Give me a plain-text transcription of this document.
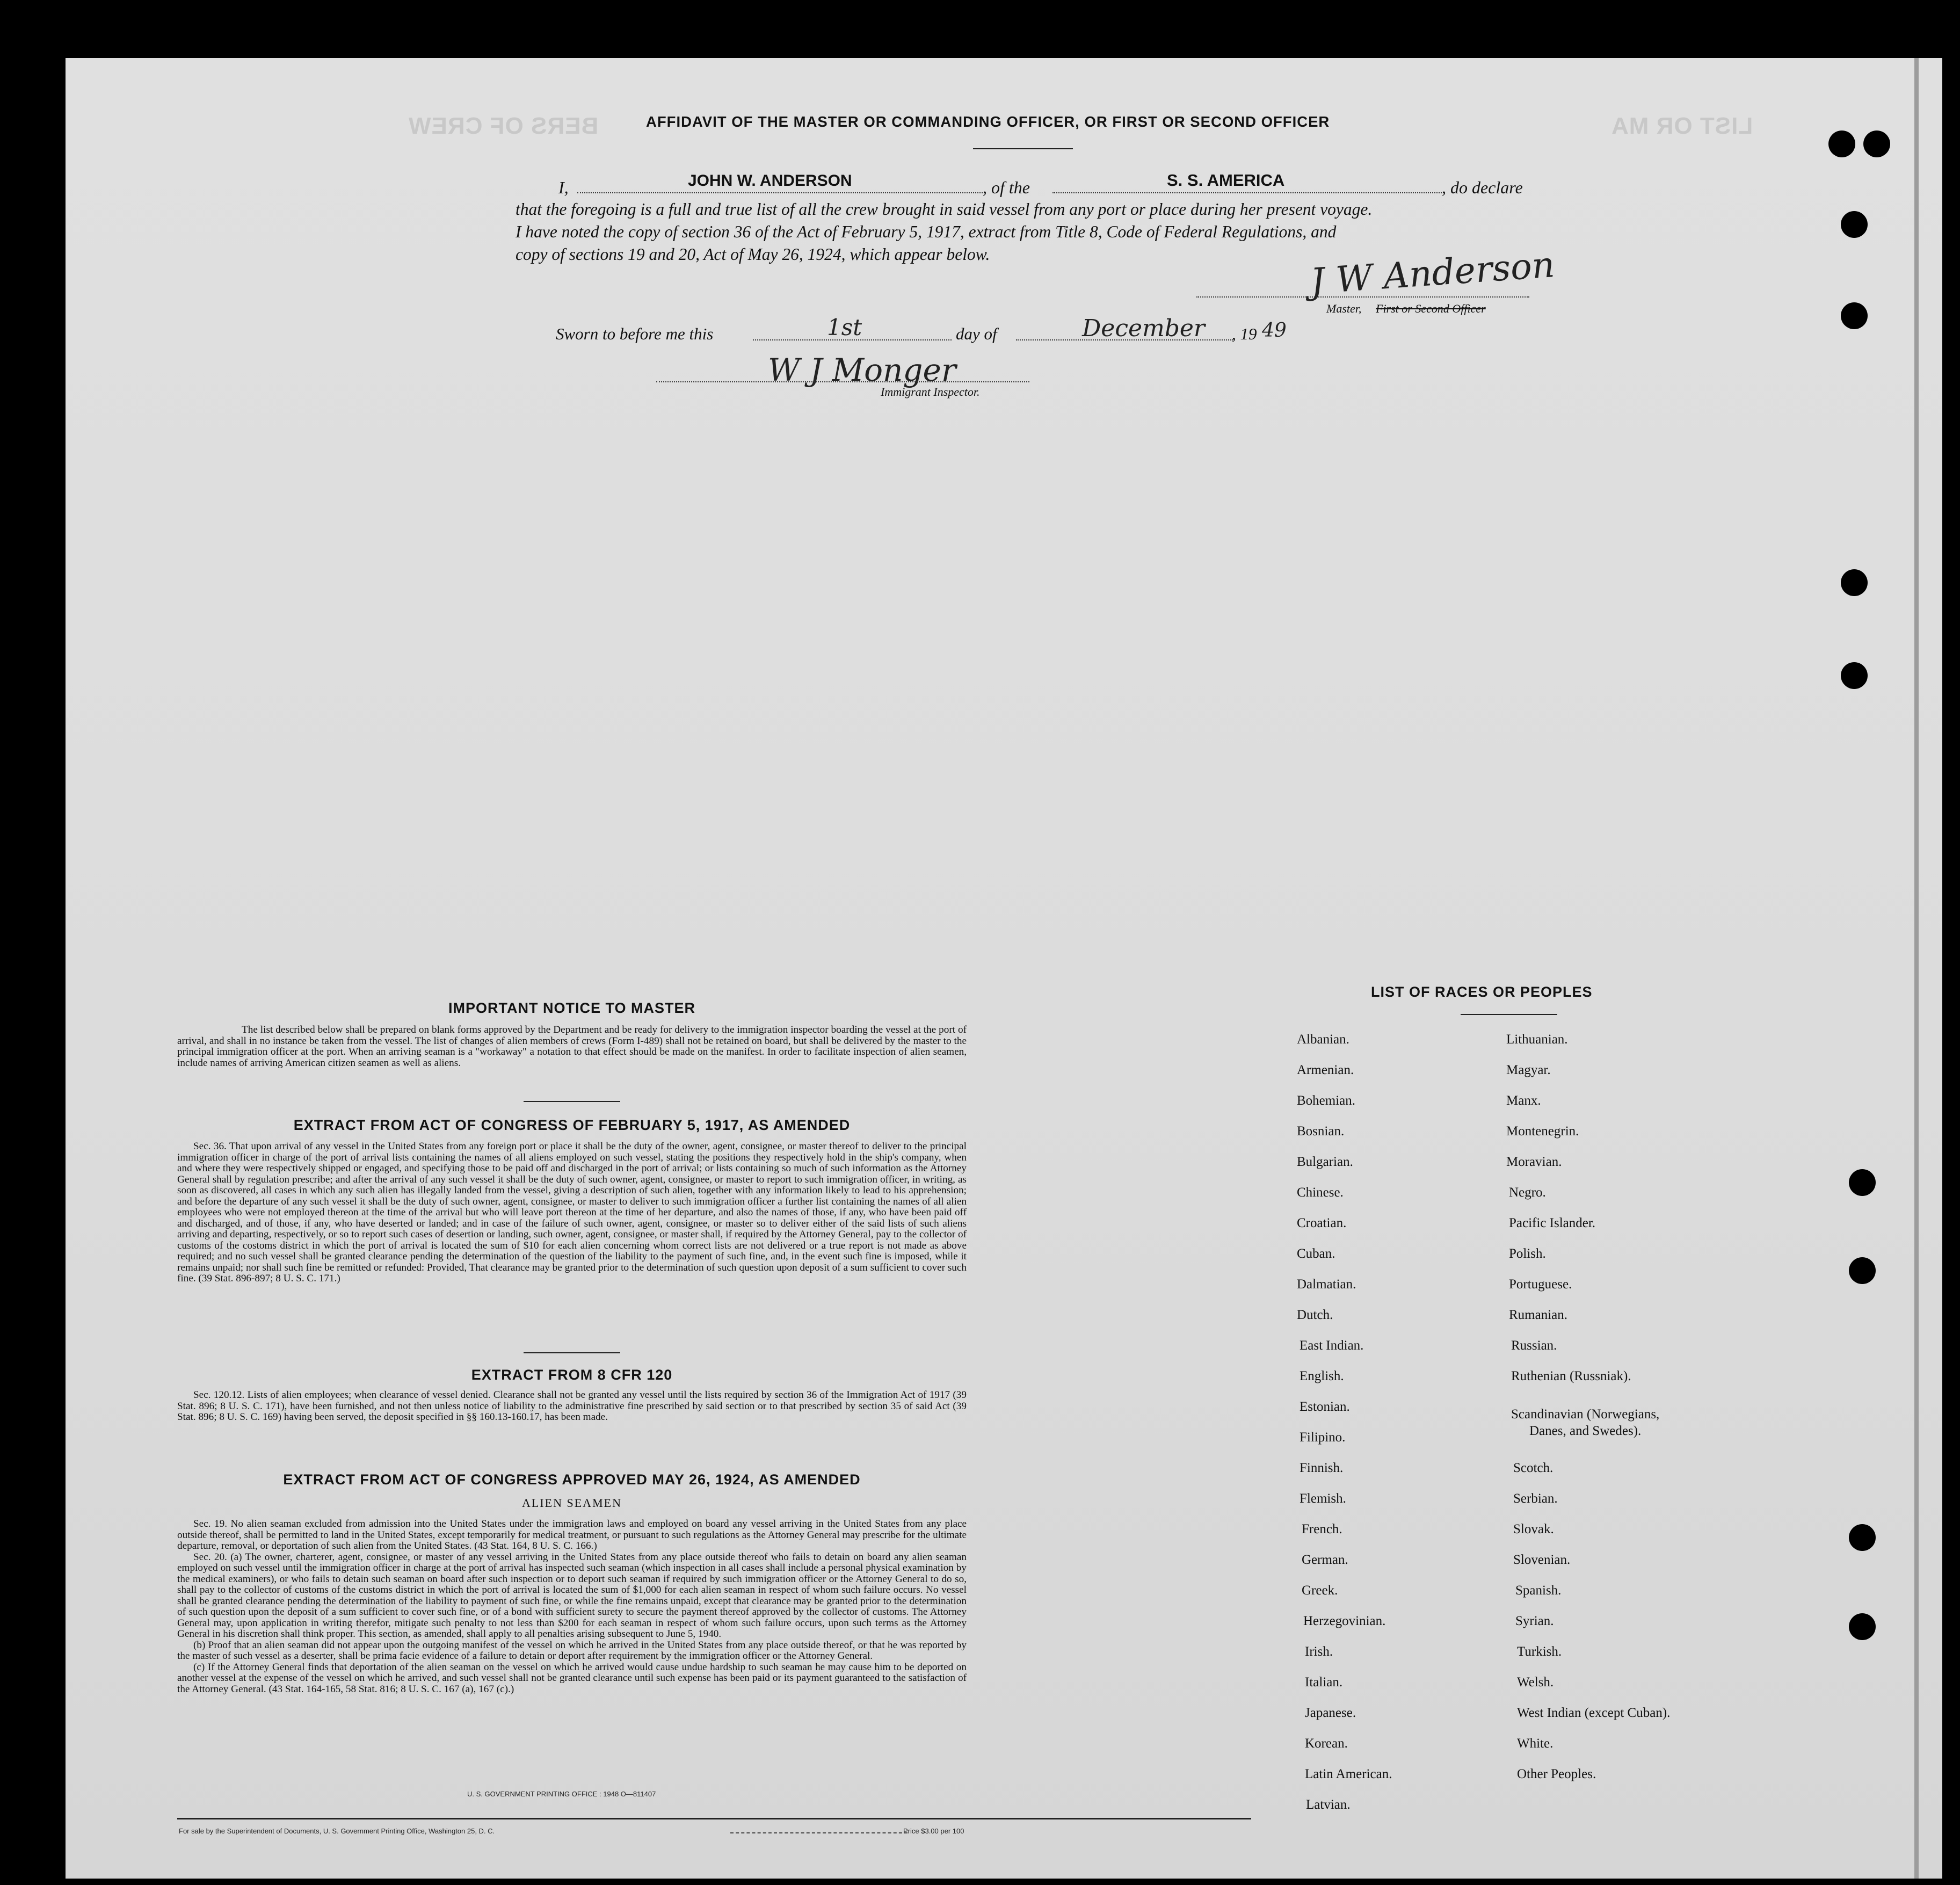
BERS OF CREW	LIST OR MA
AFFIDAVIT OF THE MASTER OR COMMANDING OFFICER, OR FIRST OR SECOND OFFICER
I,	JOHN W. ANDERSON	, of the	S. S. AMERICA	, do declare
that the foregoing is a full and true list of all the crew brought in said vessel from any port or place during her present voyage.
I have noted the copy of section 36 of the Act of February 5, 1917, extract from Title 8, Code of Federal Regulations, and
copy of sections 19 and 20, Act of May 26, 1924, which appear below.	J W Anderson
Master, First or Second Officer
Sworn to before me this	1st	day of	December , 19 49
W J Monger
Immigrant Inspector.
IMPORTANT NOTICE TO MASTER

The list described below shall be prepared on blank forms approved by the Department and be ready for delivery to the immigration inspector boarding the vessel at the port of arrival, and shall in no instance be taken from the vessel. The list of changes of alien members of crews (Form I-489) shall not be retained on board, but shall be delivered by the master to the principal immigration officer at the port. When an arriving seaman is a "workaway" a notation to that effect should be made on the manifest. In order to facilitate inspection of alien seamen, include names of arriving American citizen seamen as well as aliens.

EXTRACT FROM ACT OF CONGRESS OF FEBRUARY 5, 1917, AS AMENDED

Sec. 36. That upon arrival of any vessel in the United States from any foreign port or place it shall be the duty of the owner, agent, consignee, or master thereof to deliver to the principal immigration officer in charge of the port of arrival lists containing the names of all aliens employed on such vessel, stating the positions they respectively hold in the ship's company, when and where they were respectively shipped or engaged, and specifying those to be paid off and discharged in the port of arrival; or lists containing so much of such information as the Attorney General shall by regulation prescribe; and after the arrival of any such vessel it shall be the duty of such owner, agent, consignee, or master to report to such immigration officer, in writing, as soon as discovered, all cases in which any such alien has illegally landed from the vessel, giving a description of such alien, together with any information likely to lead to his apprehension; and before the departure of any such vessel it shall be the duty of such owner, agent, consignee, or master to deliver to such immigration officer a further list containing the names of all alien employees who were not employed thereon at the time of the arrival but who will leave port thereon at the time of her departure, and also the names of those, if any, who have been paid off and discharged, and of those, if any, who have deserted or landed; and in case of the failure of such owner, agent, consignee, or master so to deliver either of the said lists of such aliens arriving and departing, respectively, or so to report such cases of desertion or landing, such owner, agent, consignee, or master shall, if required by the Attorney General, pay to the collector of customs of the costoms district in which the port of arrival is located the sum of $10 for each alien concerning whom correct lists are not delivered or a true report is not made as above required; and no such vessel shall be granted clearance pending the determination of the question of the liability to the payment of such fine, and, in the event such fine is imposed, while it remains unpaid; nor shall such fine be remitted or refunded: Provided, That clearance may be granted prior to the determination of such question upon deposit of a sum sufficient to cover such fine. (39 Stat. 896-897; 8 U. S. C. 171.)

EXTRACT FROM 8 CFR 120

Sec. 120.12. Lists of alien employees; when clearance of vessel denied. Clearance shall not be granted any vessel until the lists required by section 36 of the Immigration Act of 1917 (39 Stat. 896; 8 U. S. C. 171), have been furnished, and not then unless notice of liability to the administrative fine prescribed by said section or to that prescribed by section 35 of said Act (39 Stat. 896; 8 U. S. C. 169) having been served, the deposit specified in §§ 160.13-160.17, has been made.

EXTRACT FROM ACT OF CONGRESS APPROVED MAY 26, 1924, AS AMENDED
ALIEN SEAMEN

Sec. 19. No alien seaman excluded from admission into the United States under the immigration laws and employed on board any vessel arriving in the United States from any place outside thereof, shall be permitted to land in the United States, except temporarily for medical treatment, or pursuant to such regulations as the Attorney General may prescribe for the ultimate departure, removal, or deportation of such alien from the United States. (43 Stat. 164, 8 U. S. C. 166.)

Sec. 20. (a) The owner, charterer, agent, consignee, or master of any vessel arriving in the United States from any place outside thereof who fails to detain on board any alien seaman employed on such vessel until the immigration officer in charge at the port of arrival has inspected such seaman (which inspection in all cases shall include a personal physical examination by the medical examiners), or who fails to detain such seaman on board after such inspection or to deport such seaman if required by such immigration officer or the Attorney General to do so, shall pay to the collector of customs of the customs district in which the port of arrival is located the sum of $1,000 for each alien seaman in respect of whom such failure occurs. No vessel shall be granted clearance pending the determination of the liability to payment of such fine, or while the fine remains unpaid, except that clearance may be granted prior to the determination of such question upon the deposit of a sum sufficient to cover such fine, or of a bond with sufficient surety to secure the payment thereof approved by the collector of customs. The Attorney General may, upon application in writing therefor, mitigate such penalty to not less than $200 for each seaman in respect of whom such failure occurs, upon such terms as the Attorney General in his discretion shall think proper. This section, as amended, shall apply to all penalties arising subsequent to June 5, 1940.

(b) Proof that an alien seaman did not appear upon the outgoing manifest of the vessel on which he arrived in the United States from any place outside thereof, or that he was reported by the master of such vessel as a deserter, shall be prima facie evidence of a failure to detain or deport after requirement by the immigration officer or the Attorney General.

(c) If the Attorney General finds that deportation of the alien seaman on the vessel on which he arrived would cause undue hardship to such seaman he may cause him to be deported on another vessel at the expense of the vessel on which he arrived, and such vessel shall not be granted clearance until such expense has been paid or its payment guaranteed to the satisfaction of the Attorney General. (43 Stat. 164-165, 58 Stat. 816; 8 U. S. C. 167 (a), 167 (c).)

U. S. GOVERNMENT PRINTING OFFICE : 1948 O—811407
For sale by the Superintendent of Documents, U. S. Government Printing Office, Washington 25, D. C.	Price $3.00 per 100
LIST OF RACES OR PEOPLES
Albanian.
Armenian.
Bohemian.
Bosnian.
Bulgarian.
Chinese.
Croatian.
Cuban.
Dalmatian.
Dutch.
East Indian.
English.
Estonian.
Filipino.
Finnish.
Flemish.
French.
German.
Greek.
Herzegovinian.
Irish.
Italian.
Japanese.
Korean.
Latin American.
Latvian.
Lithuanian.
Magyar.
Manx.
Montenegrin.
Moravian.
Negro.
Pacific Islander.
Polish.
Portuguese.
Rumanian.
Russian.
Ruthenian (Russniak).
Scandinavian (Norwegians,
Danes, and Swedes).
Scotch.
Serbian.
Slovak.
Slovenian.
Spanish.
Syrian.
Turkish.
Welsh.
West Indian (except Cuban).
White.
Other Peoples.
